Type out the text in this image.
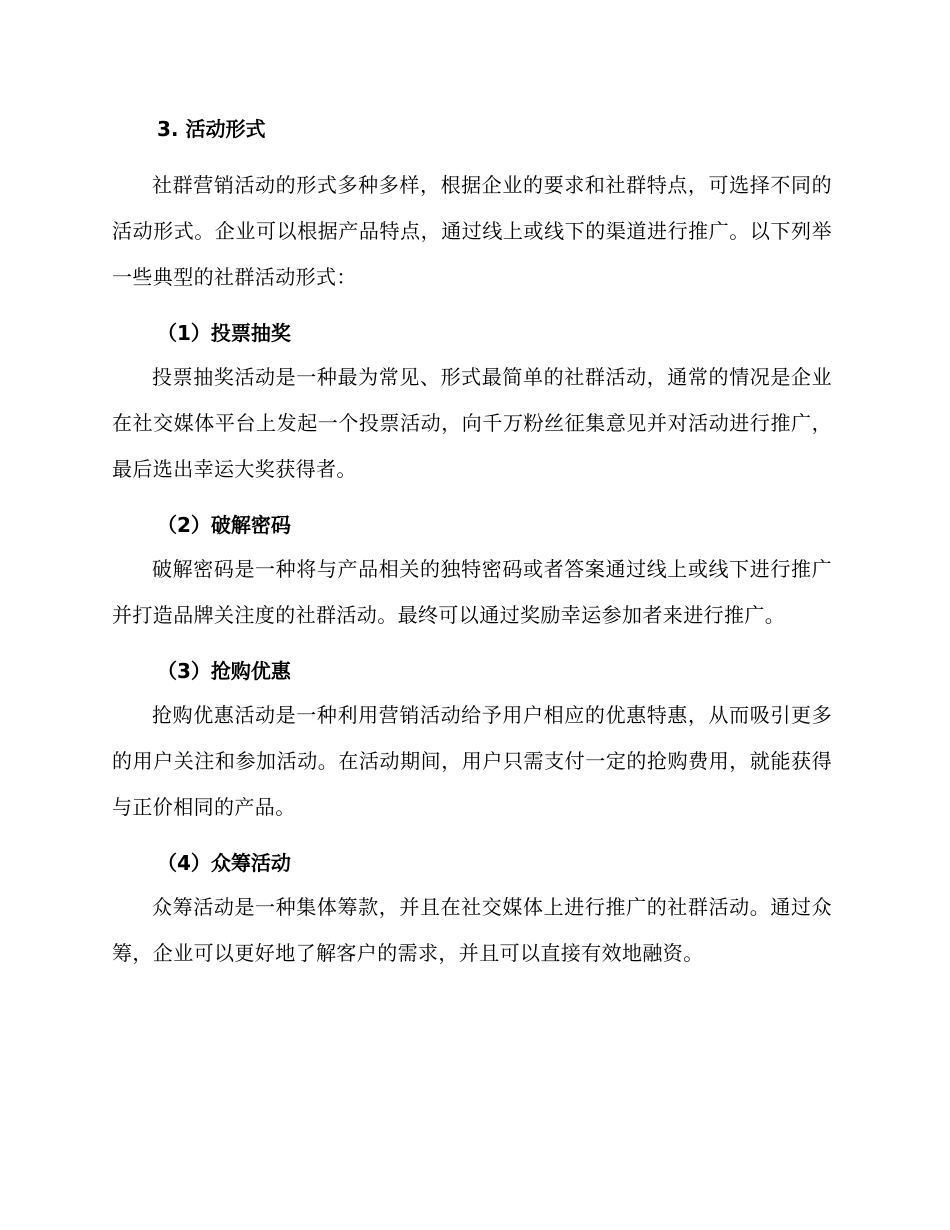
3. 活动形式

社群营销活动的形式多种多样，根据企业的要求和社群特点，可选择不同的活动形式。企业可以根据产品特点，通过线上或线下的渠道进行推广。以下列举一些典型的社群活动形式：

（1）投票抽奖

投票抽奖活动是一种最为常见、形式最简单的社群活动，通常的情况是企业在社交媒体平台上发起一个投票活动，向千万粉丝征集意见并对活动进行推广，最后选出幸运大奖获得者。

（2）破解密码

破解密码是一种将与产品相关的独特密码或者答案通过线上或线下进行推广并打造品牌关注度的社群活动。最终可以通过奖励幸运参加者来进行推广。

（3）抢购优惠

抢购优惠活动是一种利用营销活动给予用户相应的优惠特惠，从而吸引更多的用户关注和参加活动。在活动期间，用户只需支付一定的抢购费用，就能获得与正价相同的产品。

（4）众筹活动

众筹活动是一种集体筹款，并且在社交媒体上进行推广的社群活动。通过众筹，企业可以更好地了解客户的需求，并且可以直接有效地融资。
